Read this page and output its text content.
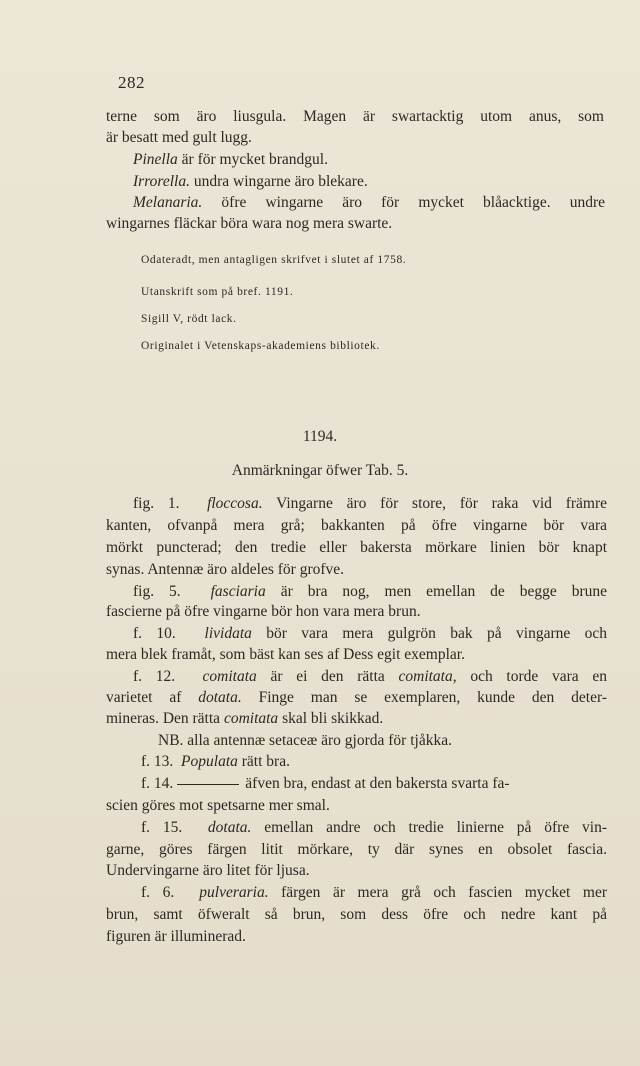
282
terne som äro liusgula. Magen är swartacktig utom anus, som
är besatt med gult lugg.
Pinella är för mycket brandgul.
Irrorella. undra wingarne äro blekare.
Melanaria. öfre wingarne äro för mycket blåacktige. undre
wingarnes fläckar böra wara nog mera swarte.
Odateradt, men antagligen skrifvet i slutet af 1758.
Utanskrift som på bref. 1191.
Sigill V, rödt lack.
Originalet i Vetenskaps-akademiens bibliotek.
1194.
Anmärkningar öfwer Tab. 5.
fig. 1. floccosa. Vingarne äro för store, för raka vid främre
kanten, ofvanpå mera grå; bakkanten på öfre vingarne bör vara
mörkt puncterad; den tredie eller bakersta mörkare linien bör knapt
synas. Antennæ äro aldeles för grofve.
fig. 5. fasciaria är bra nog, men emellan de begge brune
fascierne på öfre vingarne bör hon vara mera brun.
f. 10. lividata bör vara mera gulgrön bak på vingarne och
mera blek framåt, som bäst kan ses af Dess egit exemplar.
f. 12. comitata är ei den rätta comitata, och torde vara en
varietet af dotata. Finge man se exemplaren, kunde den deter-
mineras. Den rätta comitata skal bli skikkad.
NB. alla antennæ setaceæ äro gjorda för tjåkka.
f. 13. Populata rätt bra.
f. 14.	äfven bra, endast at den bakersta svarta fa-
scien göres mot spetsarne mer smal.
f. 15. dotata. emellan andre och tredie linierne på öfre vin-
garne, göres färgen litit mörkare, ty där synes en obsolet fascia.
Undervingarne äro litet för ljusa.
f. 6. pulveraria. färgen är mera grå och fascien mycket mer
brun, samt öfweralt så brun, som dess öfre och nedre kant på
figuren är illuminerad.
